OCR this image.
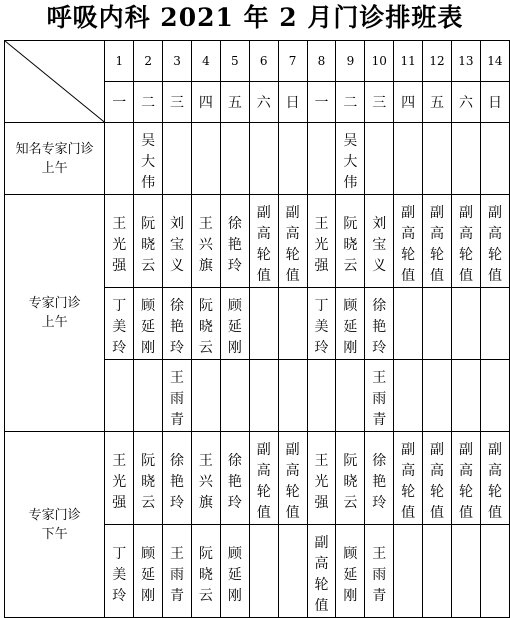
呼吸内科 2021 年 2 月门诊排班表
	1	2	3	4	5	6	7	8	9	10	11	12	13	14
	一	二	三	四	五	六	日	一	二	三	四	五	六	日

知名专家门诊
上午		吴大伟							吴大伟					

专家门诊
上午	王光强	阮晓云	刘宝义	王兴旗	徐艳玲	副高轮值	副高轮值	王光强	阮晓云	刘宝义	副高轮值	副高轮值	副高轮值	副高轮值
	丁美玲	顾延刚	徐艳玲	阮晓云	顾延刚			丁美玲	顾延刚	徐艳玲				
			王雨青							王雨青				

专家门诊
下午	王光强	阮晓云	徐艳玲	王兴旗	徐艳玲	副高轮值	副高轮值	王光强	阮晓云	徐艳玲	副高轮值	副高轮值	副高轮值	副高轮值
	丁美玲	顾延刚	王雨青	阮晓云	顾延刚			副高轮值	顾延刚	王雨青				
